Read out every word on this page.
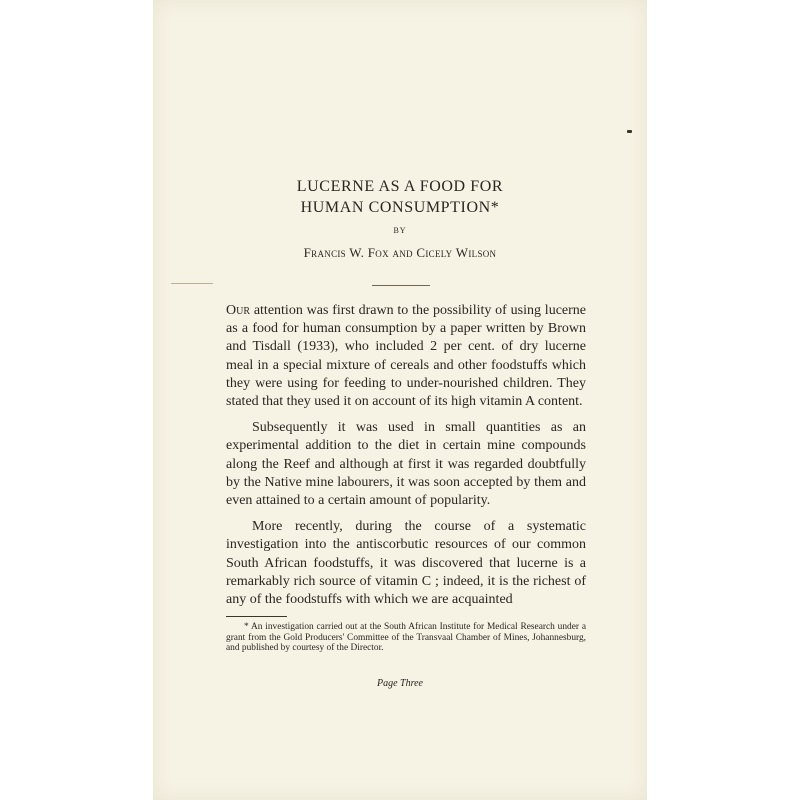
LUCERNE AS A FOOD FOR
HUMAN CONSUMPTION*
BY
Francis W. Fox and Cicely Wilson

Our attention was first drawn to the possibility of using lucerne as a food for human consumption by a paper written by Brown and Tisdall (1933), who included 2 per cent. of dry lucerne meal in a special mixture of cereals and other foodstuffs which they were using for feeding to under-nourished children. They stated that they used it on account of its high vitamin A content.

Subsequently it was used in small quantities as an experimental addition to the diet in certain mine compounds along the Reef and although at first it was regarded doubtfully by the Native mine labourers, it was soon accepted by them and even attained to a certain amount of popularity.

More recently, during the course of a systematic investigation into the antiscorbutic resources of our common South African foodstuffs, it was discovered that lucerne is a remarkably rich source of vitamin C ; indeed, it is the richest of any of the foodstuffs with which we are acquainted

* An investigation carried out at the South African Institute for Medical Research under a grant from the Gold Producers' Committee of the Transvaal Chamber of Mines, Johannesburg, and published by courtesy of the Director.
Page Three
